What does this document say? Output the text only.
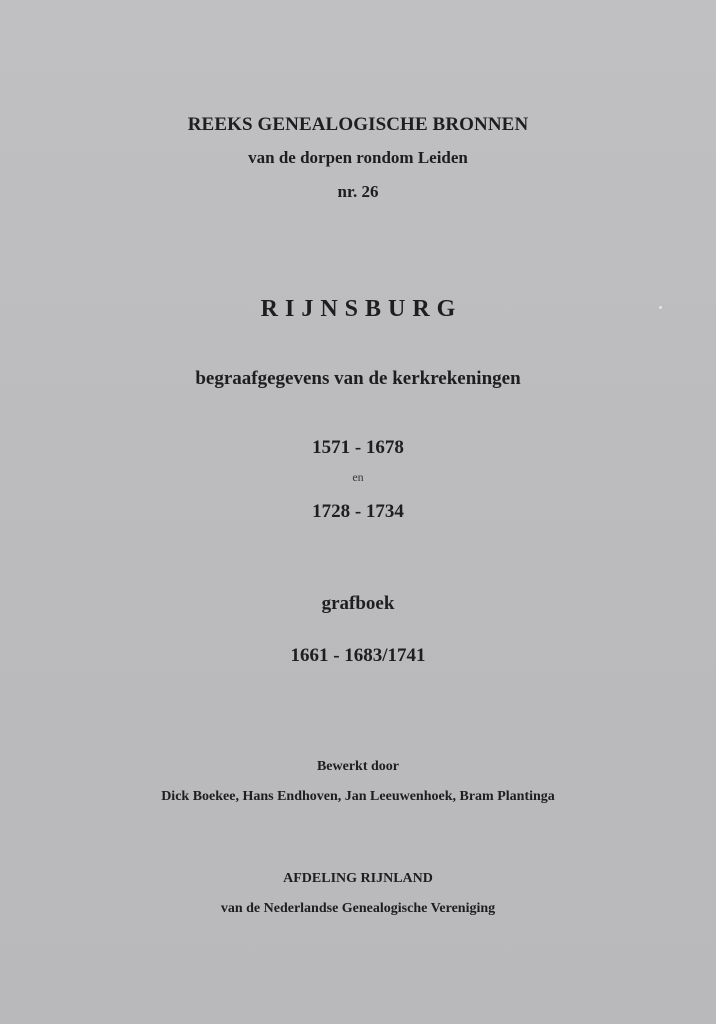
REEKS GENEALOGISCHE BRONNEN
van de dorpen rondom Leiden
nr. 26
RIJNSBURG
begraafgegevens van de kerkrekeningen
1571 - 1678
en
1728 - 1734
grafboek
1661 - 1683/1741
Bewerkt door
Dick Boekee, Hans Endhoven, Jan Leeuwenhoek, Bram Plantinga
AFDELING RIJNLAND
van de Nederlandse Genealogische Vereniging
